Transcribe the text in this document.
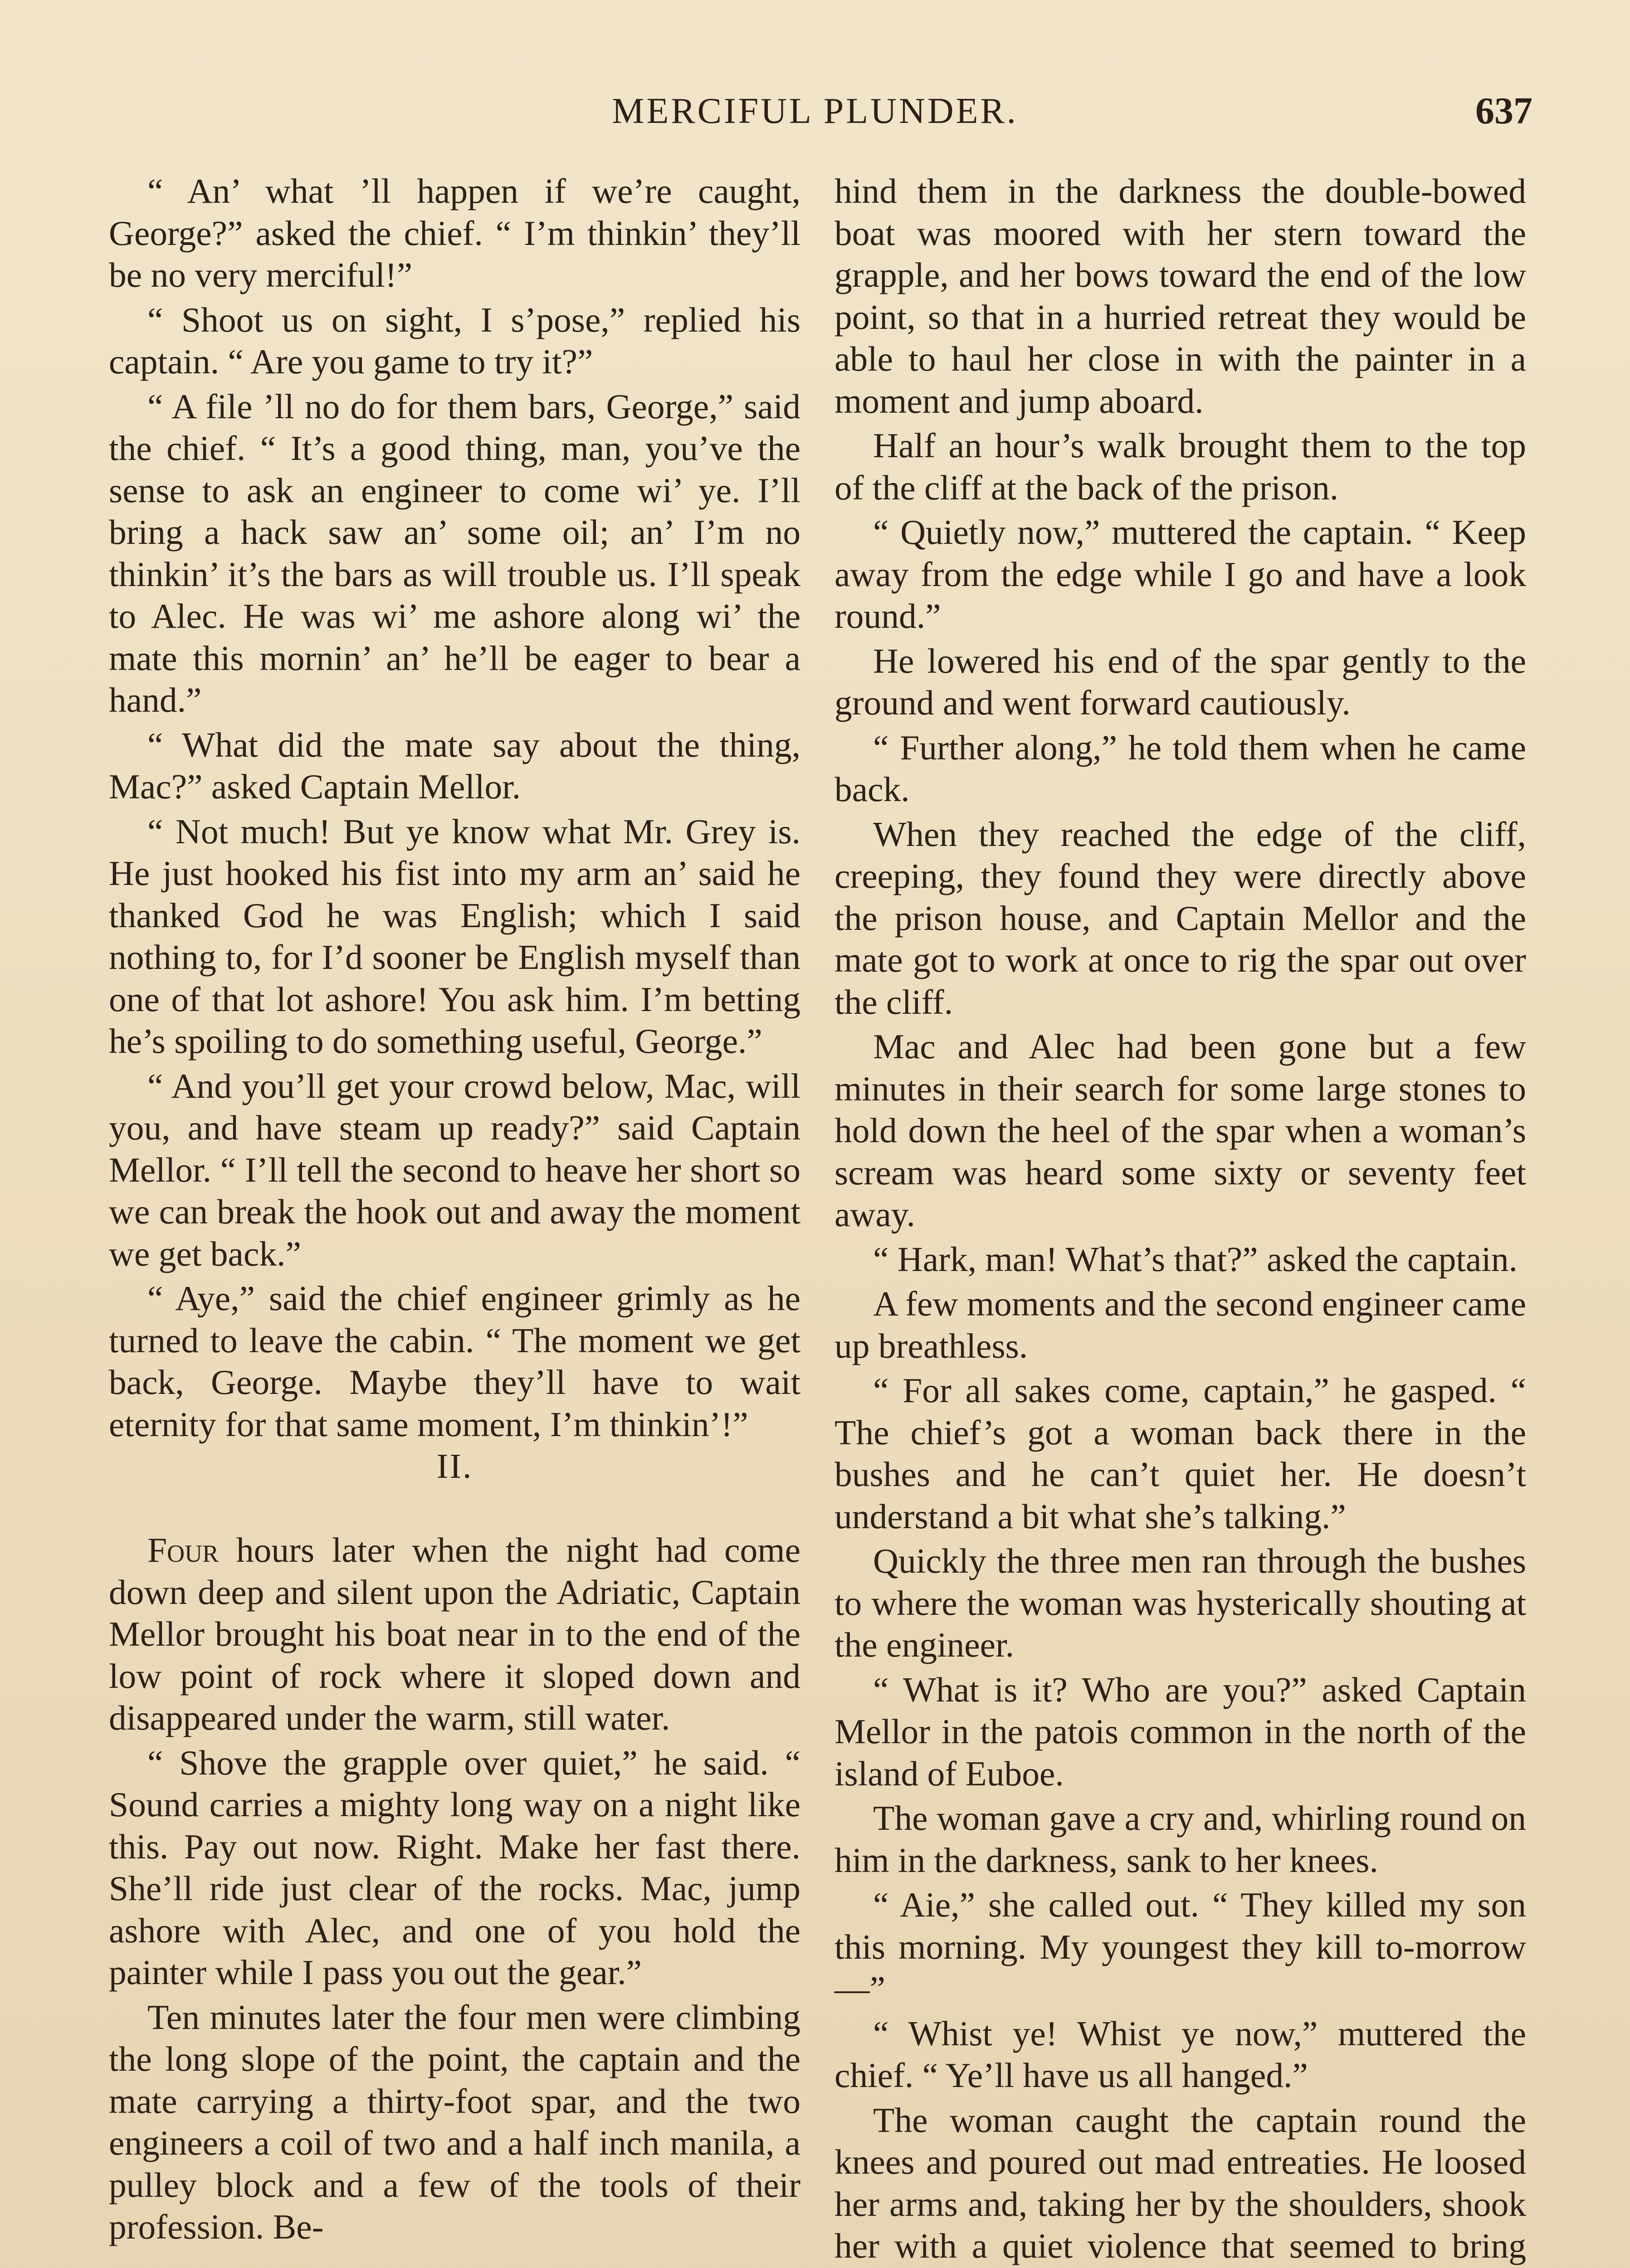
MERCIFUL PLUNDER.	637

“ An’ what ’ll happen if we’re caught, George?” asked the chief. “ I’m thinkin’ they’ll be no very merciful!”

“ Shoot us on sight, I s’pose,” replied his captain. “ Are you game to try it?”

“ A file ’ll no do for them bars, George,” said the chief. “ It’s a good thing, man, you’ve the sense to ask an engineer to come wi’ ye. I’ll bring a hack saw an’ some oil; an’ I’m no thinkin’ it’s the bars as will trouble us. I’ll speak to Alec. He was wi’ me ashore along wi’ the mate this mornin’ an’ he’ll be eager to bear a hand.”

“ What did the mate say about the thing, Mac?” asked Captain Mellor.

“ Not much! But ye know what Mr. Grey is. He just hooked his fist into my arm an’ said he thanked God he was English; which I said nothing to, for I’d sooner be English myself than one of that lot ashore! You ask him. I’m betting he’s spoiling to do something useful, George.”

“ And you’ll get your crowd below, Mac, will you, and have steam up ready?” said Captain Mellor. “ I’ll tell the second to heave her short so we can break the hook out and away the moment we get back.”

“ Aye,” said the chief engineer grimly as he turned to leave the cabin. “ The moment we get back, George. Maybe they’ll have to wait eternity for that same moment, I’m thinkin’!”

II.

Four hours later when the night had come down deep and silent upon the Adriatic, Captain Mellor brought his boat near in to the end of the low point of rock where it sloped down and disappeared under the warm, still water.

“ Shove the grapple over quiet,” he said. “ Sound carries a mighty long way on a night like this. Pay out now. Right. Make her fast there. She’ll ride just clear of the rocks. Mac, jump ashore with Alec, and one of you hold the painter while I pass you out the gear.”

Ten minutes later the four men were climbing the long slope of the point, the captain and the mate carrying a thirty-foot spar, and the two engineers a coil of two and a half inch manila, a pulley block and a few of the tools of their profession. Be-

hind them in the darkness the double-bowed boat was moored with her stern toward the grapple, and her bows toward the end of the low point, so that in a hurried retreat they would be able to haul her close in with the painter in a moment and jump aboard.

Half an hour’s walk brought them to the top of the cliff at the back of the prison.

“ Quietly now,” muttered the captain. “ Keep away from the edge while I go and have a look round.”

He lowered his end of the spar gently to the ground and went forward cautiously.

“ Further along,” he told them when he came back.

When they reached the edge of the cliff, creeping, they found they were directly above the prison house, and Captain Mellor and the mate got to work at once to rig the spar out over the cliff.

Mac and Alec had been gone but a few minutes in their search for some large stones to hold down the heel of the spar when a woman’s scream was heard some sixty or seventy feet away.

“ Hark, man! What’s that?” asked the captain.

A few moments and the second engineer came up breathless.

“ For all sakes come, captain,” he gasped. “ The chief’s got a woman back there in the bushes and he can’t quiet her. He doesn’t understand a bit what she’s talking.”

Quickly the three men ran through the bushes to where the woman was hysterically shouting at the engineer.

“ What is it? Who are you?” asked Captain Mellor in the patois common in the north of the island of Euboe.

The woman gave a cry and, whirling round on him in the darkness, sank to her knees.

“ Aie,” she called out. “ They killed my son this morning. My youngest they kill to-morrow—”

“ Whist ye! Whist ye now,” muttered the chief. “ Ye’ll have us all hanged.”

The woman caught the captain round the knees and poured out mad entreaties. He loosed her arms and, taking her by the shoulders, shook her with a quiet violence that seemed to bring
